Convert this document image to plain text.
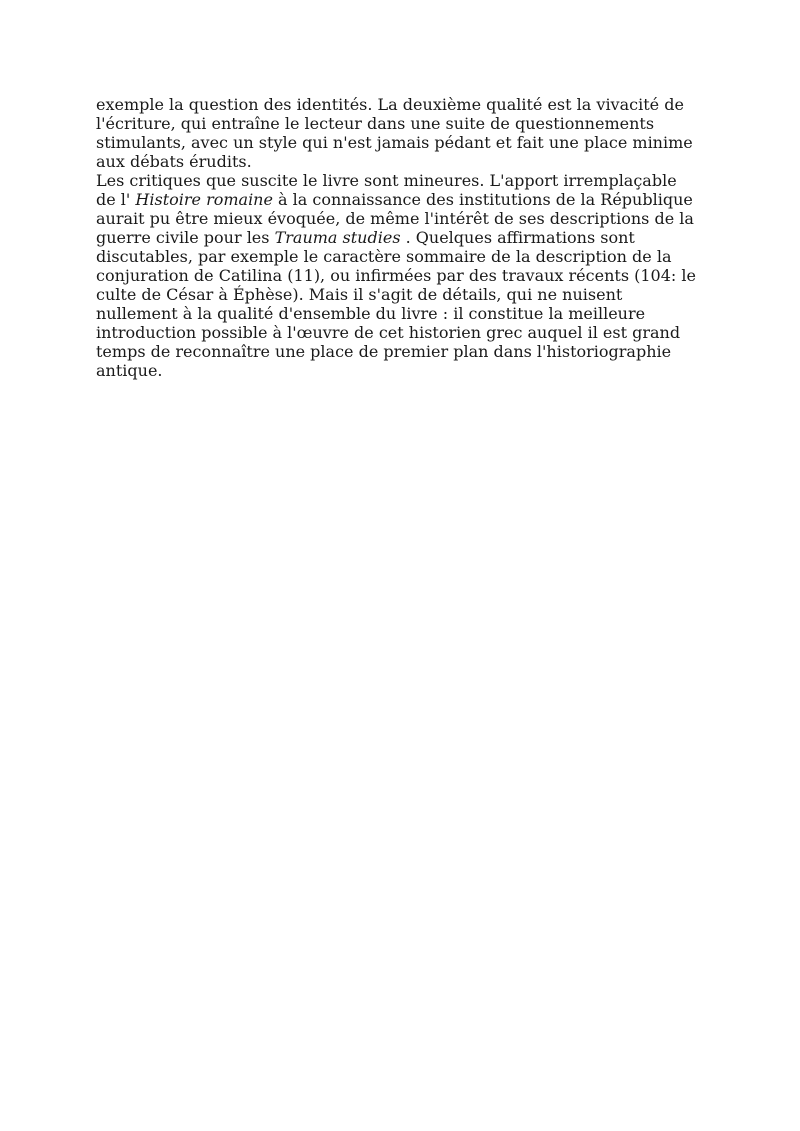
exemple la question des identités. La deuxième qualité est la vivacité de
l'écriture, qui entraîne le lecteur dans une suite de questionnements
stimulants, avec un style qui n'est jamais pédant et fait une place minime
aux débats érudits.

Les critiques que suscite le livre sont mineures. L'apport irremplaçable
de l' Histoire romaine à la connaissance des institutions de la République
aurait pu être mieux évoquée, de même l'intérêt de ses descriptions de la
guerre civile pour les Trauma studies . Quelques affirmations sont
discutables, par exemple le caractère sommaire de la description de la
conjuration de Catilina (11), ou infirmées par des travaux récents (104: le
culte de César à Éphèse). Mais il s'agit de détails, qui ne nuisent
nullement à la qualité d'ensemble du livre : il constitue la meilleure
introduction possible à l'œuvre de cet historien grec auquel il est grand
temps de reconnaître une place de premier plan dans l'historiographie
antique.
